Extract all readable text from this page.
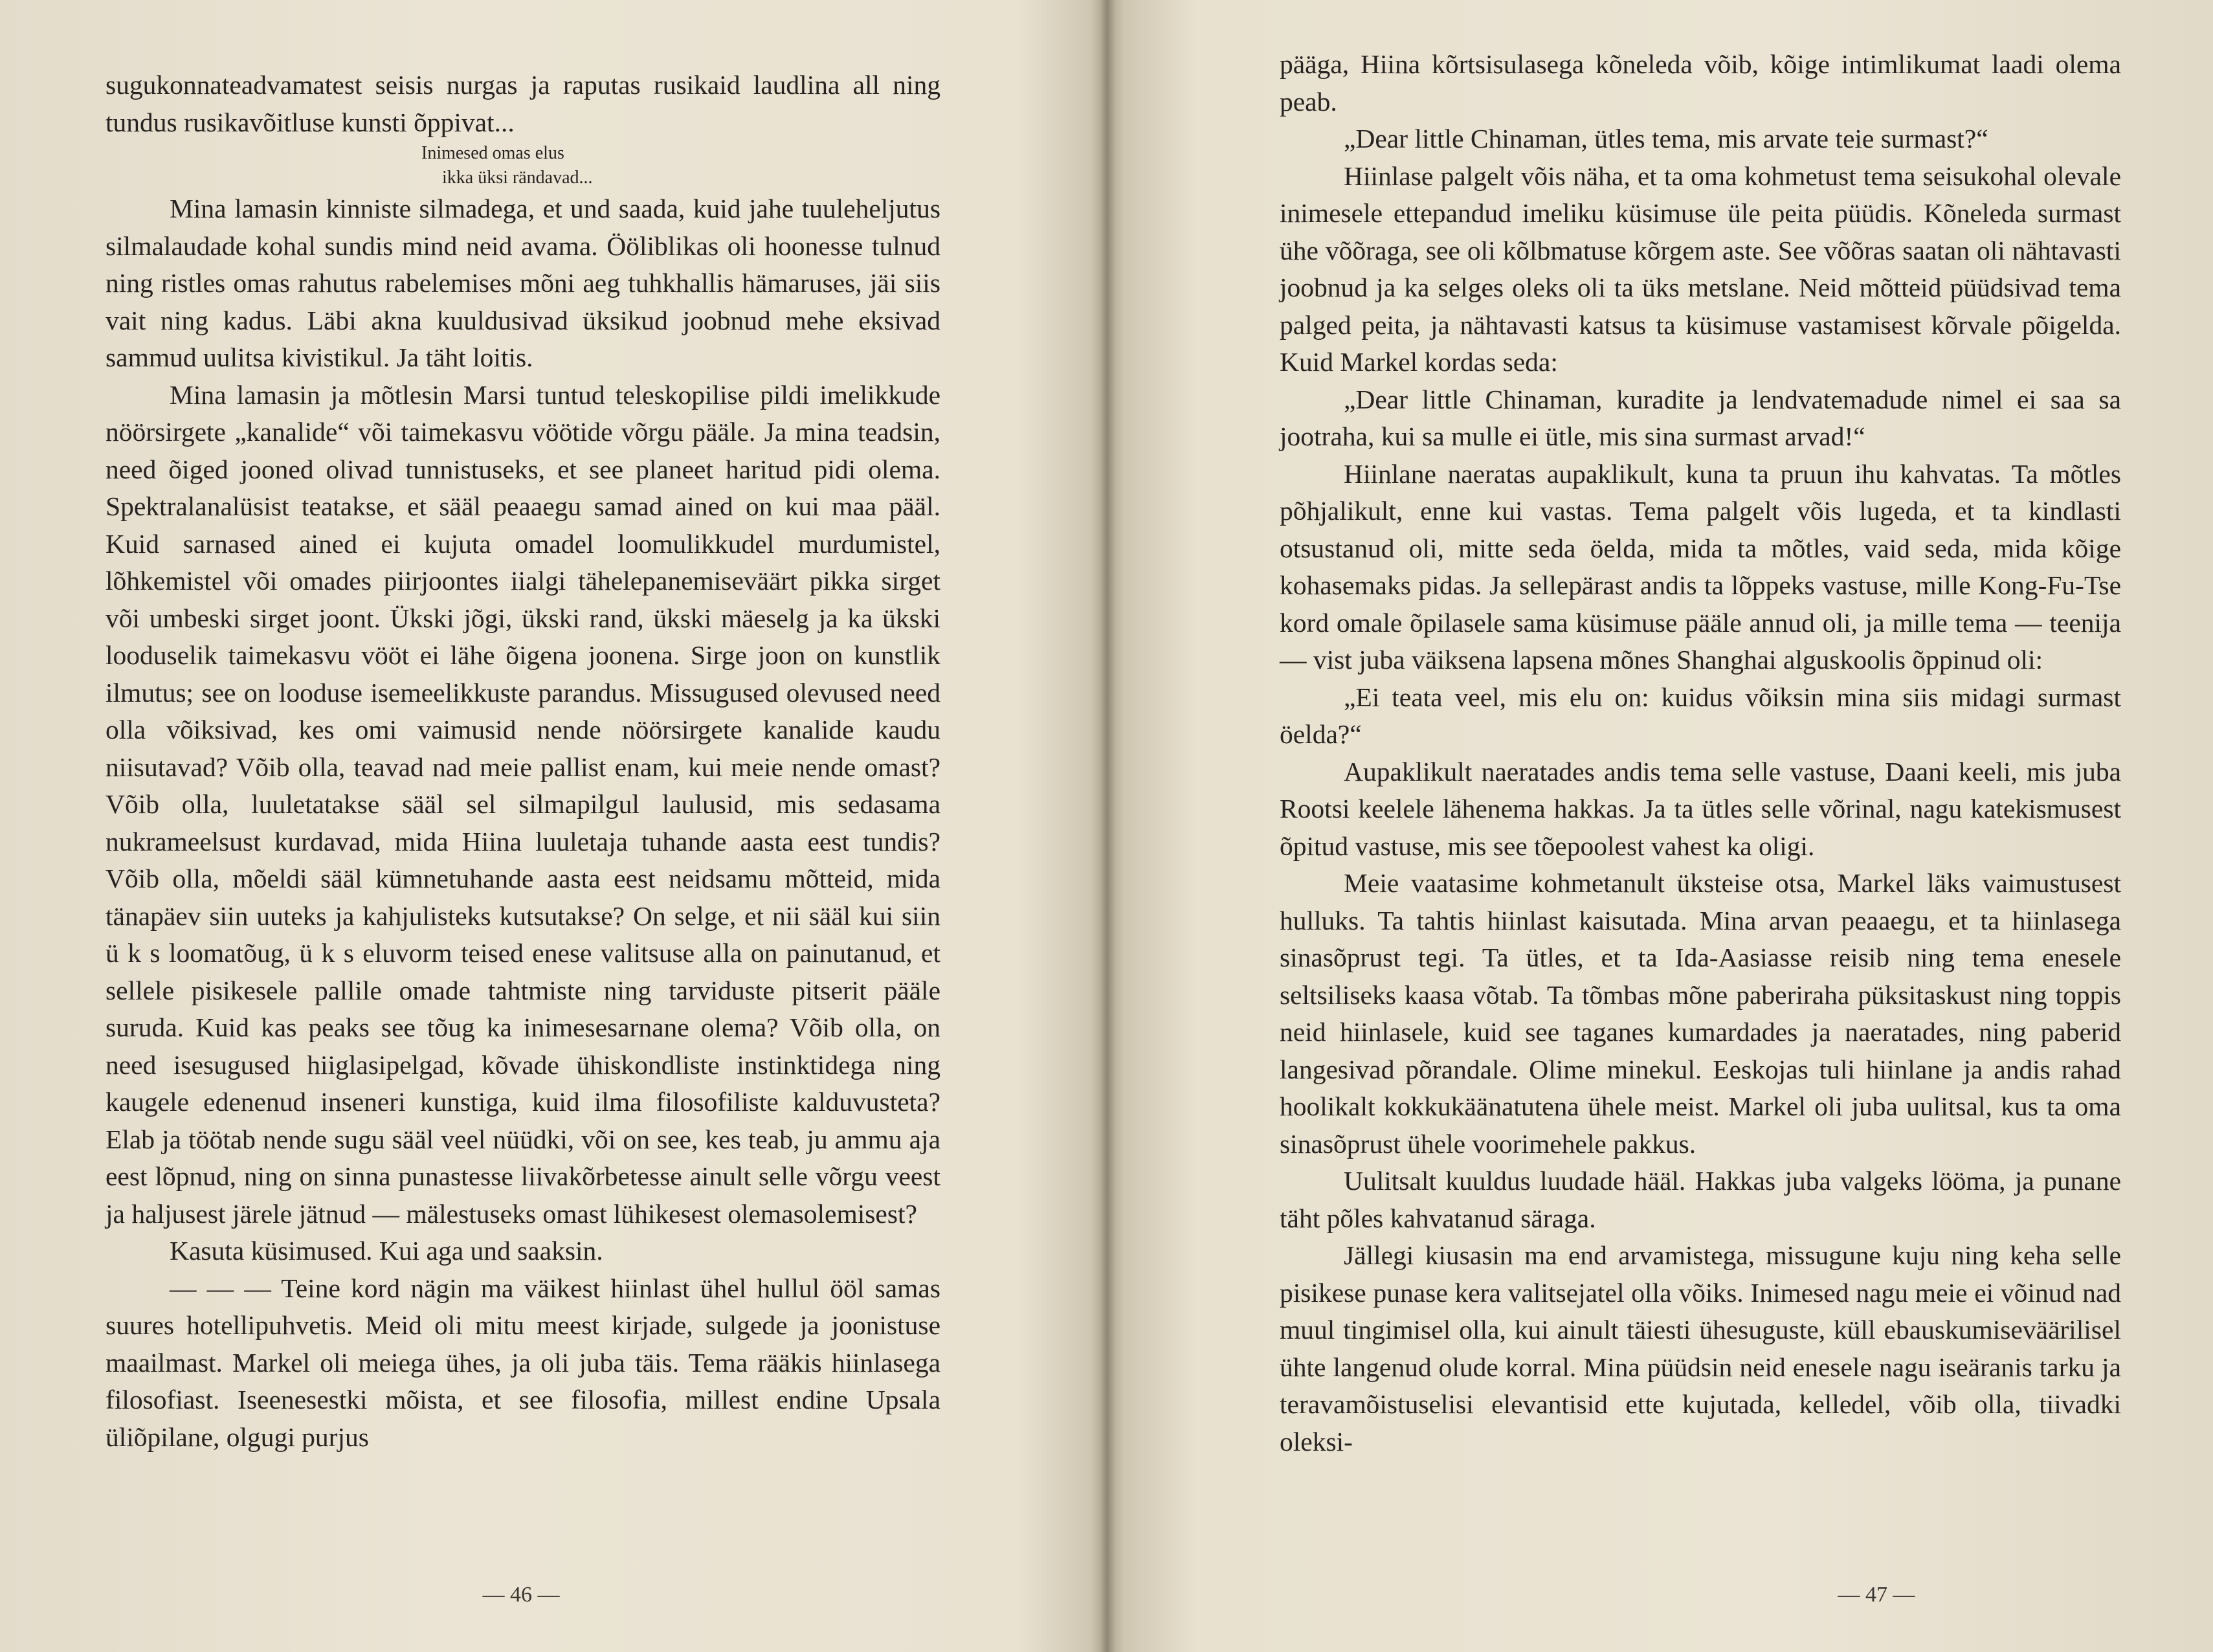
sugukonnateadvamatest seisis nurgas ja raputas rusikaid laudlina all ning tundus rusikavõitluse kunsti õppivat...

Inimesed omas elus
ikka üksi rändavad...

Mina lamasin kinniste silmadega, et und saada, kuid jahe tuuleheljutus silmalaudade kohal sundis mind neid avama. Ööliblikas oli hoonesse tulnud ning ristles omas rahutus rabelemises mõni aeg tuhkhallis hämaruses, jäi siis vait ning kadus. Läbi akna kuuldusivad üksikud joobnud mehe eksivad sammud uulitsa kivistikul. Ja täht loitis.

Mina lamasin ja mõtlesin Marsi tuntud teleskopilise pildi imelikkude nöörsirgete „kanalide“ või taimekasvu vöötide võrgu pääle. Ja mina teadsin, need õiged jooned olivad tunnistuseks, et see planeet haritud pidi olema. Spektralanalüsist teatakse, et sääl peaaegu samad ained on kui maa pääl. Kuid sarnased ained ei kujuta omadel loomulikkudel murdumistel, lõhkemistel või omades piirjoontes iialgi tähelepanemiseväärt pikka sirget või umbeski sirget joont. Ükski jõgi, ükski rand, ükski mäeselg ja ka ükski looduselik taimekasvu vööt ei lähe õigena joonena. Sirge joon on kunstlik ilmutus; see on looduse isemeelikkuste parandus. Missugused olevused need olla võiksivad, kes omi vaimusid nende nöörsirgete kanalide kaudu niisutavad? Võib olla, teavad nad meie pallist enam, kui meie nende omast? Võib olla, luuletatakse sääl sel silmapilgul laulusid, mis sedasama nukrameelsust kurdavad, mida Hiina luuletaja tuhande aasta eest tundis? Võib olla, mõeldi sääl kümnetuhande aasta eest neidsamu mõtteid, mida tänapäev siin uuteks ja kahjulisteks kutsutakse? On selge, et nii sääl kui siin ü k s loomatõug, ü k s eluvorm teised enese valitsuse alla on painutanud, et sellele pisikesele pallile omade tahtmiste ning tarviduste pitserit pääle suruda. Kuid kas peaks see tõug ka inimesesarnane olema? Võib olla, on need isesugused hiiglasipelgad, kõvade ühiskondliste instinktidega ning kaugele edenenud inseneri kunstiga, kuid ilma filosofiliste kalduvusteta? Elab ja töötab nende sugu sääl veel nüüdki, või on see, kes teab, ju ammu aja eest lõpnud, ning on sinna punastesse liivakõrbetesse ainult selle võrgu veest ja haljusest järele jätnud — mälestuseks omast lühikesest olemasolemisest?

Kasuta küsimused. Kui aga und saaksin.

— — — Teine kord nägin ma väikest hiinlast ühel hullul ööl samas suures hotellipuhvetis. Meid oli mitu meest kirjade, sulgede ja joonistuse maailmast. Markel oli meiega ühes, ja oli juba täis. Tema rääkis hiinlasega filosofiast. Iseenesestki mõista, et see filosofia, millest endine Upsala üliõpilane, olgugi purjus

— 46 —

pääga, Hiina kõrtsisulasega kõneleda võib, kõige intimlikumat laadi olema peab.

„Dear little Chinaman, ütles tema, mis arvate teie surmast?“

Hiinlase palgelt võis näha, et ta oma kohmetust tema seisukohal olevale inimesele ettepandud imeliku küsimuse üle peita püüdis. Kõneleda surmast ühe võõraga, see oli kõlbmatuse kõrgem aste. See võõras saatan oli nähtavasti joobnud ja ka selges oleks oli ta üks metslane. Neid mõtteid püüdsivad tema palged peita, ja nähtavasti katsus ta küsimuse vastamisest kõrvale põigelda. Kuid Markel kordas seda:

„Dear little Chinaman, kuradite ja lendvatemadude nimel ei saa sa jootraha, kui sa mulle ei ütle, mis sina surmast arvad!“

Hiinlane naeratas aupaklikult, kuna ta pruun ihu kahvatas. Ta mõtles põhjalikult, enne kui vastas. Tema palgelt võis lugeda, et ta kindlasti otsustanud oli, mitte seda öelda, mida ta mõtles, vaid seda, mida kõige kohasemaks pidas. Ja sellepärast andis ta lõppeks vastuse, mille Kong-Fu-Tse kord omale õpilasele sama küsimuse pääle annud oli, ja mille tema — teenija — vist juba väiksena lapsena mõnes Shanghai alguskoolis õppinud oli:

„Ei teata veel, mis elu on: kuidus võiksin mina siis midagi surmast öelda?“

Aupaklikult naeratades andis tema selle vastuse, Daani keeli, mis juba Rootsi keelele lähenema hakkas. Ja ta ütles selle võrinal, nagu katekismusest õpitud vastuse, mis see tõepoolest vahest ka oligi.

Meie vaatasime kohmetanult üksteise otsa, Markel läks vaimustusest hulluks. Ta tahtis hiinlast kaisutada. Mina arvan peaaegu, et ta hiinlasega sinasõprust tegi. Ta ütles, et ta Ida-Aasiasse reisib ning tema enesele seltsiliseks kaasa võtab. Ta tõmbas mõne paberiraha püksitaskust ning toppis neid hiinlasele, kuid see taganes kumardades ja naeratades, ning paberid langesivad põrandale. Olime minekul. Eeskojas tuli hiinlane ja andis rahad hoolikalt kokkukäänatutena ühele meist. Markel oli juba uulitsal, kus ta oma sinasõprust ühele voorimehele pakkus.

Uulitsalt kuuldus luudade hääl. Hakkas juba valgeks lööma, ja punane täht põles kahvatanud säraga.

Jällegi kiusasin ma end arvamistega, missugune kuju ning keha selle pisikese punase kera valitsejatel olla võiks. Inimesed nagu meie ei võinud nad muul tingimisel olla, kui ainult täiesti ühesuguste, küll ebauskumiseväärilisel ühte langenud olude korral. Mina püüdsin neid enesele nagu iseäranis tarku ja teravamõistuselisi elevantisid ette kujutada, kelledel, võib olla, tiivadki oleksi-

— 47 —
